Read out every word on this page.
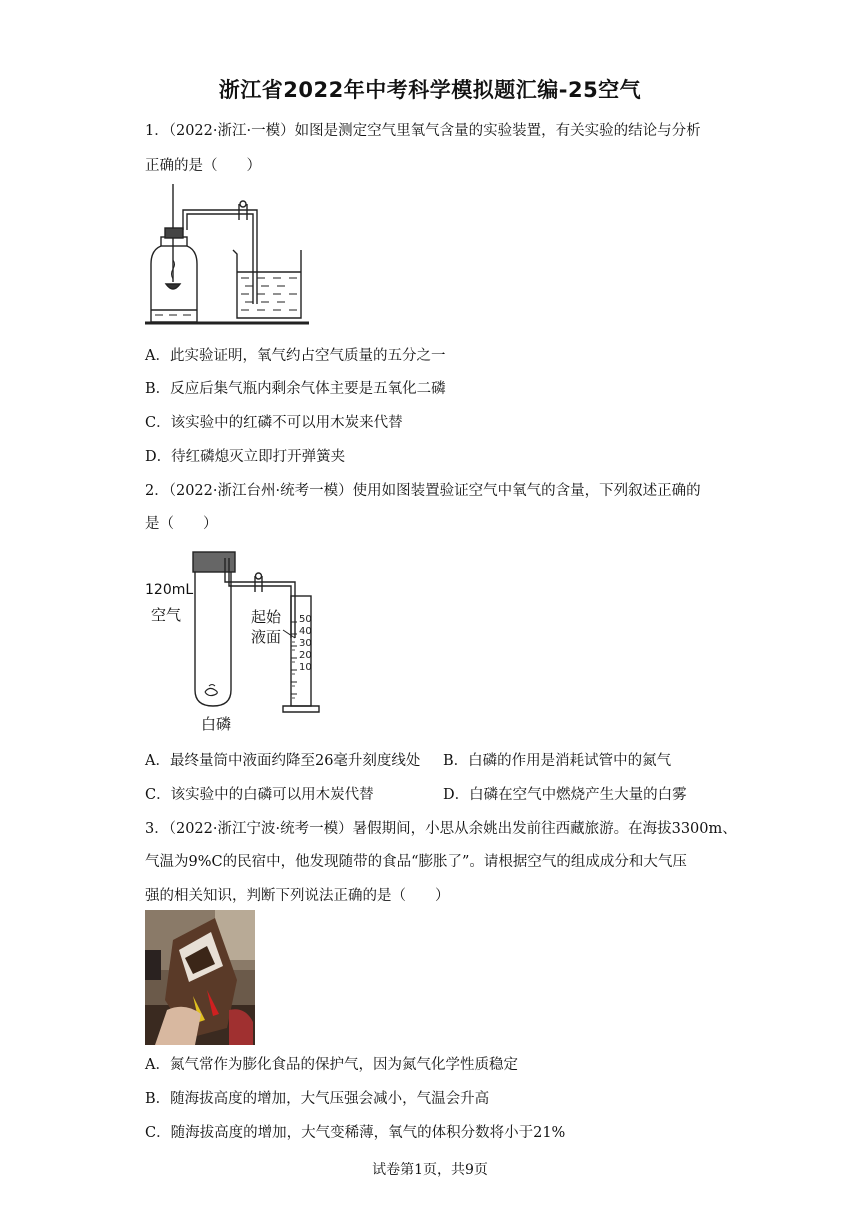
浙江省2022年中考科学模拟题汇编-25空气
1．（2022·浙江·一模）如图是测定空气里氧气含量的实验装置，有关实验的结论与分析
正确的是（　　）
A．此实验证明，氧气约占空气质量的五分之一
B．反应后集气瓶内剩余气体主要是五氧化二磷
C．该实验中的红磷不可以用木炭来代替
D．待红磷熄灭立即打开弹簧夹
2．（2022·浙江台州·统考一模）使用如图装置验证空气中氧气的含量，下列叙述正确的
是（　　）
120mL
空气	起始
液面
白磷
50
40
30
20
10
A．最终量筒中液面约降至26毫升刻度线处 B．白磷的作用是消耗试管中的氮气
C．该实验中的白磷可以用木炭代替	D．白磷在空气中燃烧产生大量的白雾
3．（2022·浙江宁波·统考一模）暑假期间，小思从余姚出发前往西藏旅游。在海拔3300m、
气温为9%C的民宿中，他发现随带的食品“膨胀了”。请根据空气的组成成分和大气压
强的相关知识，判断下列说法正确的是（　　）
A．氮气常作为膨化食品的保护气，因为氮气化学性质稳定
B．随海拔高度的增加，大气压强会减小，气温会升高
C．随海拔高度的增加，大气变稀薄，氧气的体积分数将小于21%
试卷第1页，共9页
